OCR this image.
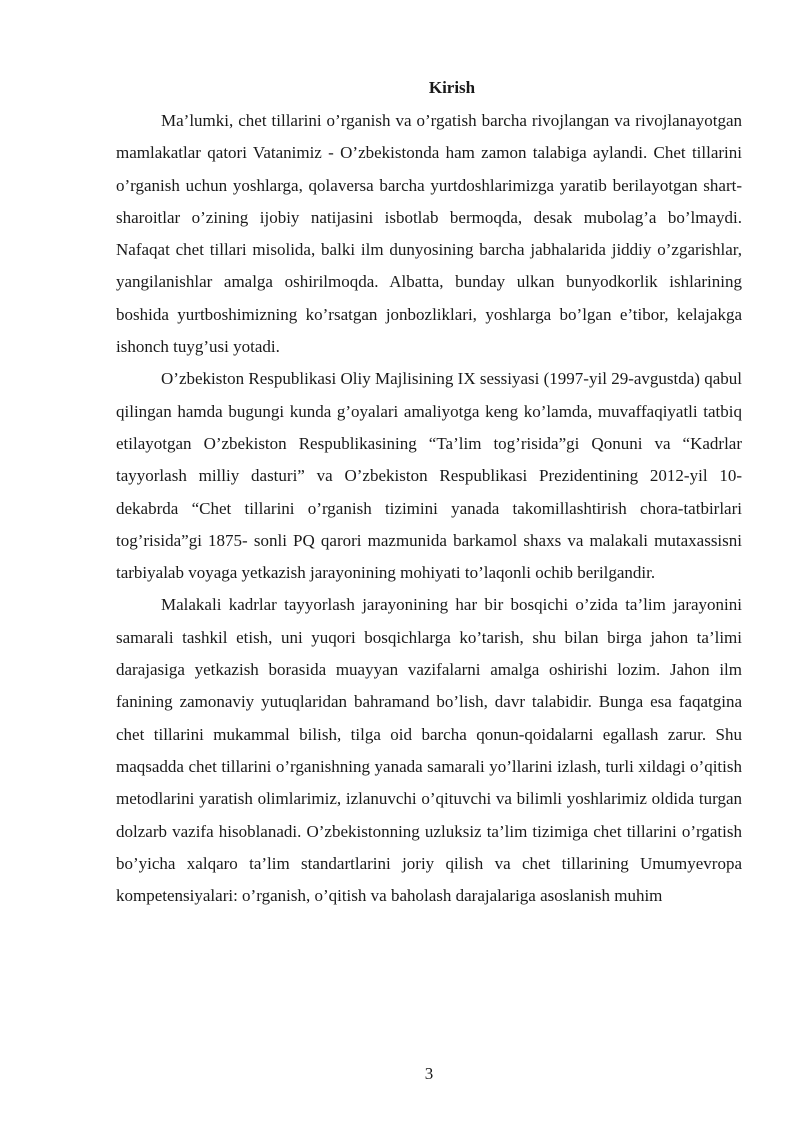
Kirish

Ma’lumki, chet tillarini o’rganish va o’rgatish barcha rivojlangan va rivojlanayotgan mamlakatlar qatori Vatanimiz - O’zbekistonda ham zamon talabiga aylandi. Chet tillarini o’rganish uchun yoshlarga, qolaversa barcha yurtdoshlarimizga yaratib berilayotgan shart-sharoitlar o’zining ijobiy natijasini isbotlab bermoqda, desak mubolag’a bo’lmaydi. Nafaqat chet tillari misolida, balki ilm dunyosining barcha jabhalarida jiddiy o’zgarishlar, yangilanishlar amalga oshirilmoqda. Albatta, bunday ulkan bunyodkorlik ishlarining boshida yurtboshimizning ko’rsatgan jonbozliklari, yoshlarga bo’lgan e’tibor, kelajakga ishonch tuyg’usi yotadi.

O’zbekiston Respublikasi Oliy Majlisining IX sessiyasi (1997-yil 29-avgustda) qabul qilingan hamda bugungi kunda g’oyalari amaliyotga keng ko’lamda, muvaffaqiyatli tatbiq etilayotgan O’zbekiston Respublikasining “Ta’lim tog’risida”gi Qonuni va “Kadrlar tayyorlash milliy dasturi” va O’zbekiston Respublikasi Prezidentining 2012-yil 10-dekabrda “Chet tillarini o’rganish tizimini yanada takomillashtirish chora-tatbirlari tog’risida”gi 1875- sonli PQ qarori mazmunida barkamol shaxs va malakali mutaxassisni tarbiyalab voyaga yetkazish jarayonining mohiyati to’laqonli ochib berilgandir.

Malakali kadrlar tayyorlash jarayonining har bir bosqichi o’zida ta’lim jarayonini samarali tashkil etish, uni yuqori bosqichlarga ko’tarish, shu bilan birga jahon ta’limi darajasiga yetkazish borasida muayyan vazifalarni amalga oshirishi lozim. Jahon ilm fanining zamonaviy yutuqlaridan bahramand bo’lish, davr talabidir. Bunga esa faqatgina chet tillarini mukammal bilish, tilga oid barcha qonun-qoidalarni egallash zarur. Shu maqsadda chet tillarini o’rganishning yanada samarali yo’llarini izlash, turli xildagi o’qitish metodlarini yaratish olimlarimiz, izlanuvchi o’qituvchi va bilimli yoshlarimiz oldida turgan dolzarb vazifa hisoblanadi. O’zbekistonning uzluksiz ta’lim tizimiga chet tillarini o’rgatish bo’yicha xalqaro ta’lim standartlarini joriy qilish va chet tillarining Umumyevropa kompetensiyalari: o’rganish, o’qitish va baholash darajalariga asoslanish muhim

3
